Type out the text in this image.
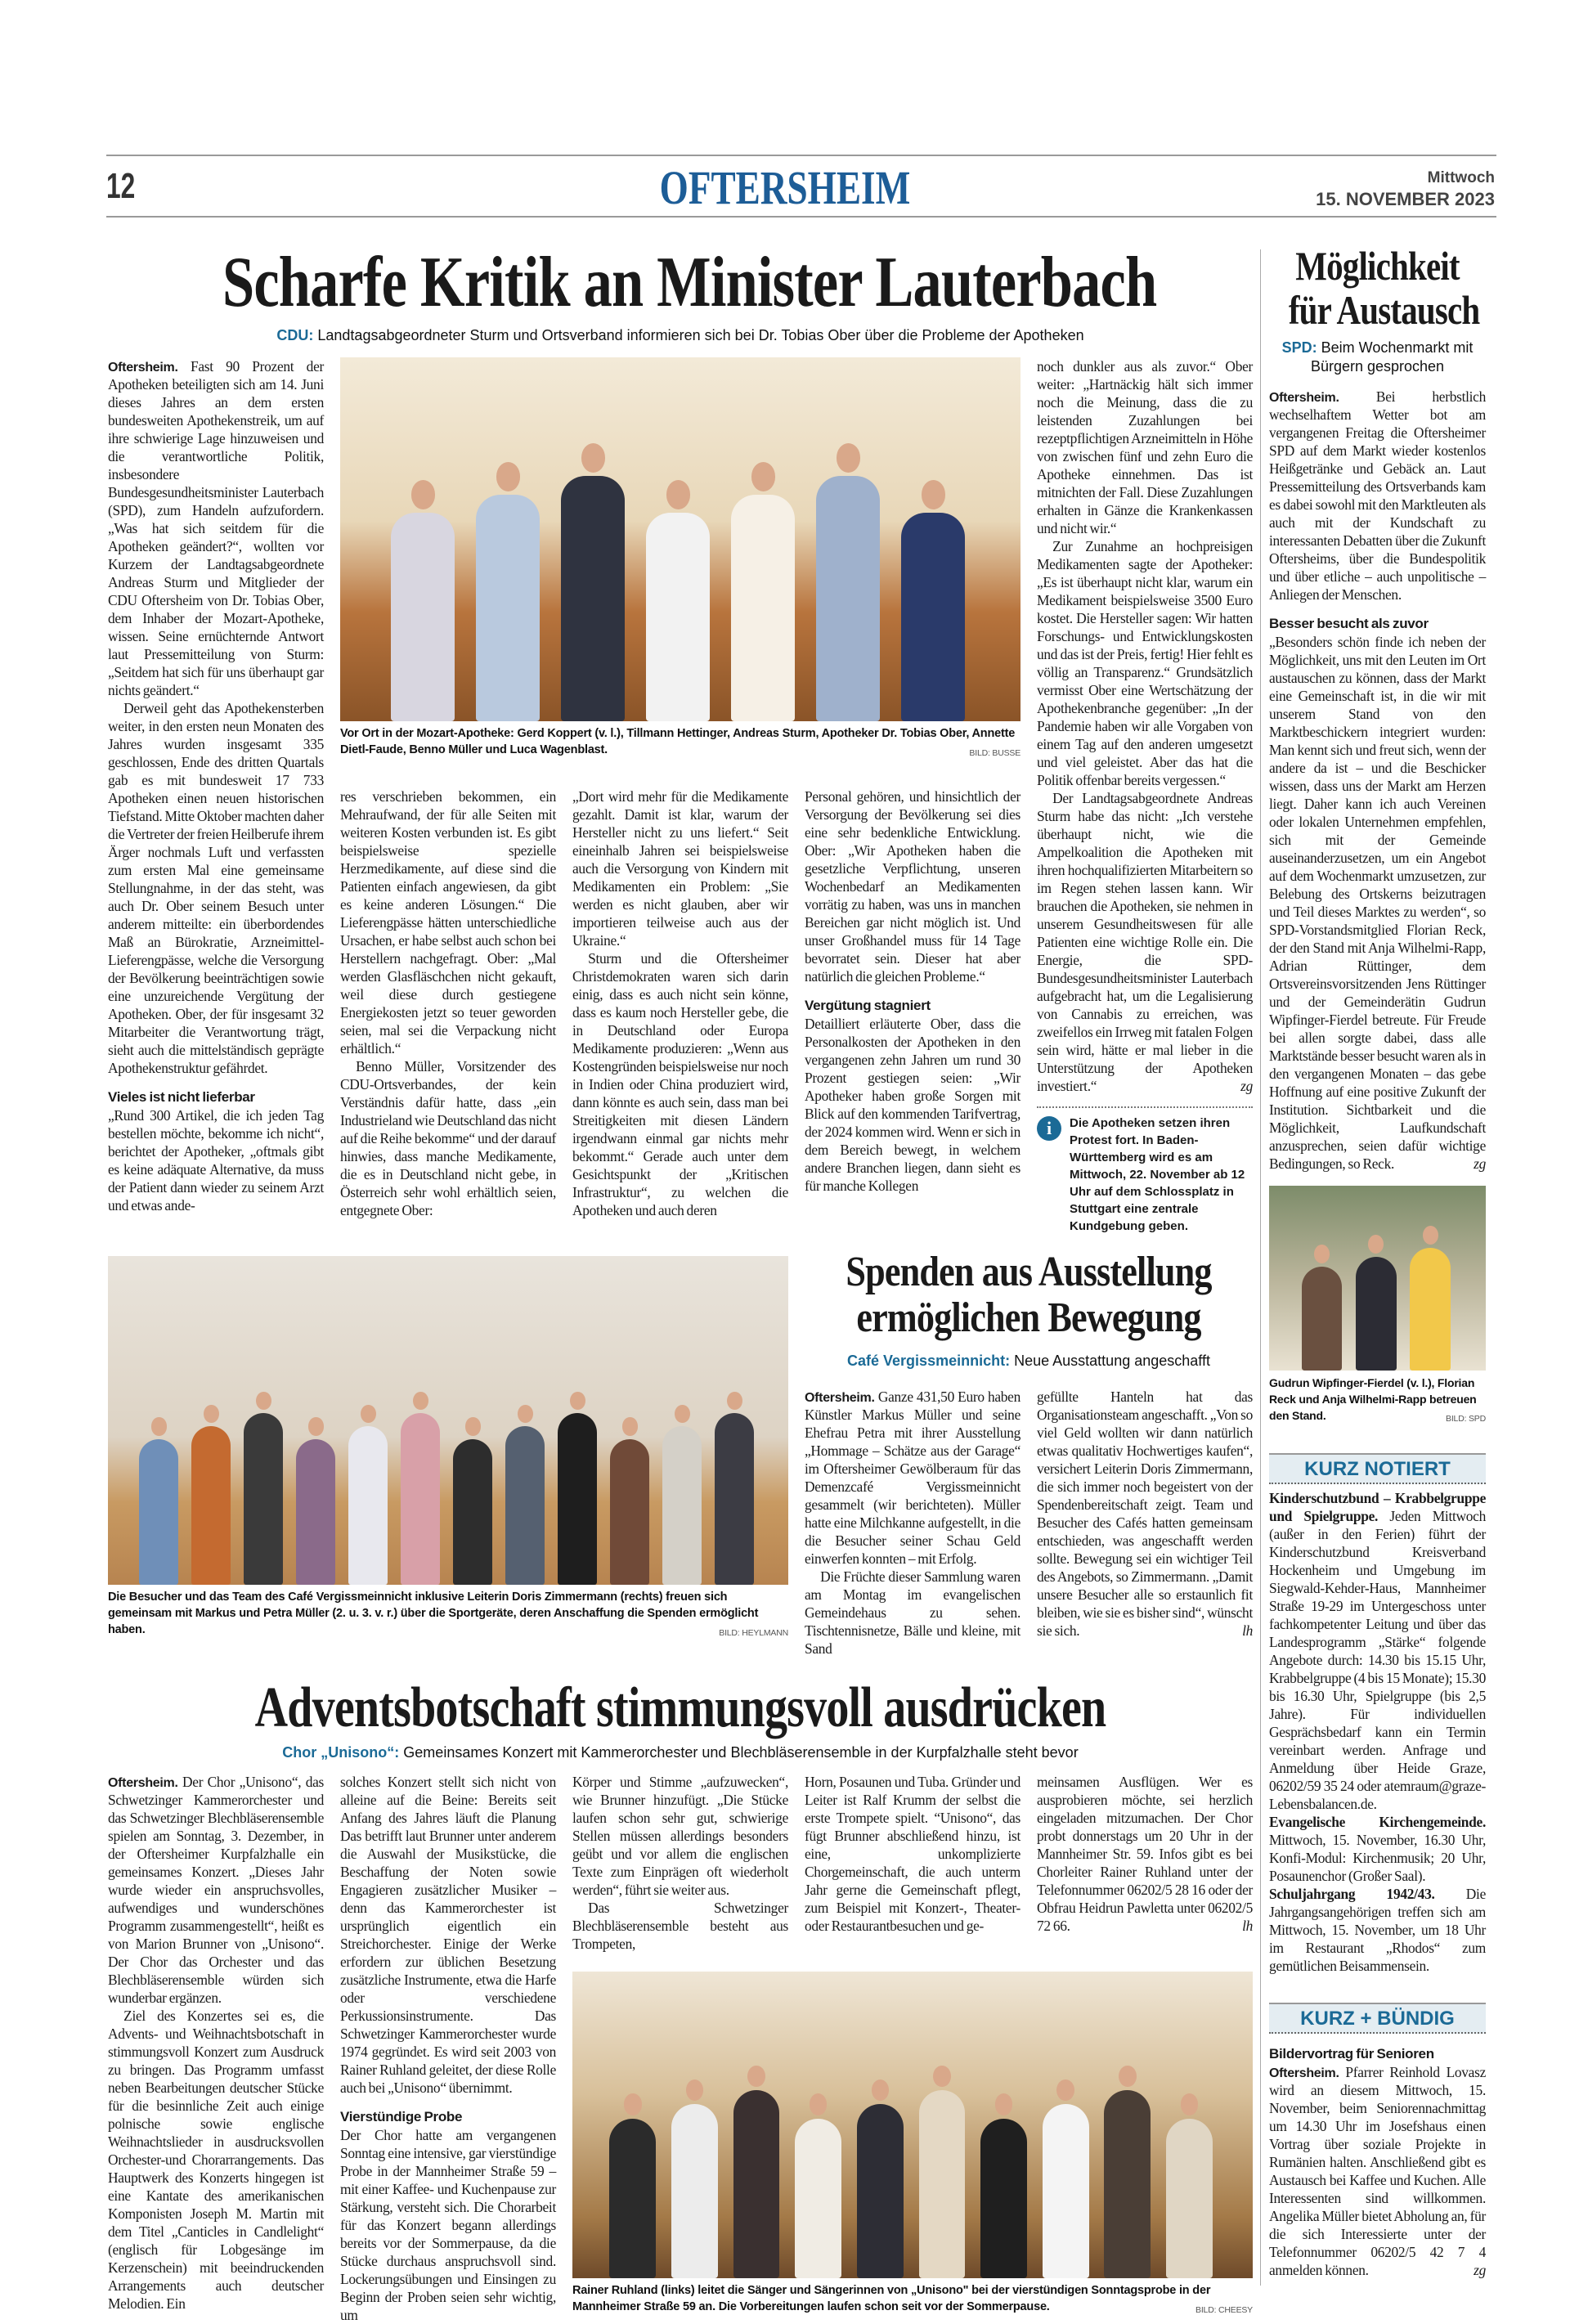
12	OFTERSHEIM	Mittwoch
15. NOVEMBER 2023
Scharfe Kritik an Minister Lauterbach
CDU: Landtagsabgeordneter Sturm und Ortsverband informieren sich bei Dr. Tobias Ober über die Probleme der Apotheken

Oftersheim. Fast 90 Prozent der Apotheken beteiligten sich am 14. Juni dieses Jahres an dem ersten bundesweiten Apothekenstreik, um auf ihre schwierige Lage hinzuweisen und die verantwortliche Politik, insbesondere Bundesgesundheitsminister Lauterbach (SPD), zum Handeln aufzufordern. „Was hat sich seitdem für die Apotheken geändert?“, wollten vor Kurzem der Landtagsabgeordnete Andreas Sturm und Mitglieder der CDU Oftersheim von Dr. Tobias Ober, dem Inhaber der Mozart-Apotheke, wissen. Seine ernüchternde Antwort laut Pressemitteilung von Sturm: „Seitdem hat sich für uns überhaupt gar nichts geändert.“

Derweil geht das Apothekensterben weiter, in den ersten neun Monaten des Jahres wurden insgesamt 335 geschlossen, Ende des dritten Quartals gab es mit bundesweit 17 733 Apotheken einen neuen historischen Tiefstand. Mitte Oktober machten daher die Vertreter der freien Heilberufe ihrem Ärger nochmals Luft und verfassten zum ersten Mal eine gemeinsame Stellungnahme, in der das steht, was auch Dr. Ober seinem Besuch unter anderem mitteilte: ein überbordendes Maß an Bürokratie, Arzneimittel-Lieferengpässe, welche die Versorgung der Bevölkerung beeinträchtigen sowie eine unzureichende Vergütung der Apotheken. Ober, der für insgesamt 32 Mitarbeiter die Verantwortung trägt, sieht auch die mittelständisch geprägte Apothekenstruktur gefährdet.

Vieles ist nicht lieferbar

„Rund 300 Artikel, die ich jeden Tag bestellen möchte, bekomme ich nicht“, berichtet der Apotheker, „oftmals gibt es keine adäquate Alternative, da muss der Patient dann wieder zu seinem Arzt und etwas ande-

Vor Ort in der Mozart-Apotheke: Gerd Koppert (v. l.), Tillmann Hettinger, Andreas Sturm, Apotheker Dr. Tobias Ober, Annette Dietl-Faude, Benno Müller und Luca Wagenblast.	BILD: BUSSE

res verschrieben bekommen, ein Mehraufwand, der für alle Seiten mit weiteren Kosten verbunden ist. Es gibt beispielsweise spezielle Herzmedikamente, auf diese sind die Patienten einfach angewiesen, da gibt es keine anderen Lösungen.“ Die Lieferengpässe hätten unterschiedliche Ursachen, er habe selbst auch schon bei Herstellern nachgefragt. Ober: „Mal werden Glasfläschchen nicht gekauft, weil diese durch gestiegene Energiekosten jetzt so teuer geworden seien, mal sei die Verpackung nicht erhältlich.“

Benno Müller, Vorsitzender des CDU-Ortsverbandes, der kein Verständnis dafür hatte, dass „ein Industrieland wie Deutschland das nicht auf die Reihe bekomme“ und der darauf hinwies, dass manche Medikamente, die es in Deutschland nicht gebe, in Österreich sehr wohl erhältlich seien, entgegnete Ober:

„Dort wird mehr für die Medikamente gezahlt. Damit ist klar, warum der Hersteller nicht zu uns liefert.“ Seit eineinhalb Jahren sei beispielsweise auch die Versorgung von Kindern mit Medikamenten ein Problem: „Sie werden es nicht glauben, aber wir importieren teilweise auch aus der Ukraine.“

Sturm und die Oftersheimer Christdemokraten waren sich darin einig, dass es auch nicht sein könne, dass es kaum noch Hersteller gebe, die in Deutschland oder Europa Medikamente produzieren: „Wenn aus Kostengründen beispielsweise nur noch in Indien oder China produziert wird, dann könnte es auch sein, dass man bei Streitigkeiten mit diesen Ländern irgendwann einmal gar nichts mehr bekommt.“ Gerade auch unter dem Gesichtspunkt der „Kritischen Infrastruktur“, zu welchen die Apotheken und auch deren

Personal gehören, und hinsichtlich der Versorgung der Bevölkerung sei dies eine sehr bedenkliche Entwicklung. Ober: „Wir Apotheken haben die gesetzliche Verpflichtung, unseren Wochenbedarf an Medikamenten vorrätig zu haben, was uns in manchen Bereichen gar nicht möglich ist. Und unser Großhandel muss für 14 Tage bevorratet sein. Dieser hat aber natürlich die gleichen Probleme.“

Vergütung stagniert

Detailliert erläuterte Ober, dass die Personalkosten der Apotheken in den vergangenen zehn Jahren um rund 30 Prozent gestiegen seien: „Wir Apotheker haben große Sorgen mit Blick auf den kommenden Tarifvertrag, der 2024 kommen wird. Wenn er sich in dem Bereich bewegt, in welchem andere Branchen liegen, dann sieht es für manche Kollegen

noch dunkler aus als zuvor.“ Ober weiter: „Hartnäckig hält sich immer noch die Meinung, dass die zu leistenden Zuzahlungen bei rezeptpflichtigen Arzneimitteln in Höhe von zwischen fünf und zehn Euro die Apotheke einnehmen. Das ist mitnichten der Fall. Diese Zuzahlungen erhalten in Gänze die Krankenkassen und nicht wir.“

Zur Zunahme an hochpreisigen Medikamenten sagte der Apotheker: „Es ist überhaupt nicht klar, warum ein Medikament beispielsweise 3500 Euro kostet. Die Hersteller sagen: Wir hatten Forschungs- und Entwicklungskosten und das ist der Preis, fertig! Hier fehlt es völlig an Transparenz.“ Grundsätzlich vermisst Ober eine Wertschätzung der Apothekenbranche gegenüber: „In der Pandemie haben wir alle Vorgaben von einem Tag auf den anderen umgesetzt und viel geleistet. Aber das hat die Politik offenbar bereits vergessen.“

Der Landtagsabgeordnete Andreas Sturm habe das nicht: „Ich verstehe überhaupt nicht, wie die Ampelkoalition die Apotheken mit ihren hochqualifizierten Mitarbeitern so im Regen stehen lassen kann. Wir brauchen die Apotheken, sie nehmen in unserem Gesundheitswesen für alle Patienten eine wichtige Rolle ein. Die Energie, die SPD-Bundesgesundheitsminister Lauterbach aufgebracht hat, um die Legalisierung von Cannabis zu erreichen, was zweifellos ein Irrweg mit fatalen Folgen sein wird, hätte er mal lieber in die Unterstützung der Apotheken investiert.“	zg

i	Die Apotheken setzen ihren Protest fort. In Baden-Württemberg wird es am Mittwoch, 22. November ab 12 Uhr auf dem Schlossplatz in Stuttgart eine zentrale Kundgebung geben.
Die Besucher und das Team des Café Vergissmeinnicht inklusive Leiterin Doris Zimmermann (rechts) freuen sich gemeinsam mit Markus und Petra Müller (2. u. 3. v. r.) über die Sportgeräte, deren Anschaffung die Spenden ermöglicht haben.	BILD: HEYLMANN
Spenden aus Ausstellung
ermöglichen Bewegung
Café Vergissmeinnicht: Neue Ausstattung angeschafft

Oftersheim. Ganze 431,50 Euro haben Künstler Markus Müller und seine Ehefrau Petra mit ihrer Ausstellung „Hommage – Schätze aus der Garage“ im Oftersheimer Gewölberaum für das Demenzcafé Vergissmeinnicht gesammelt (wir berichteten). Müller hatte eine Milchkanne aufgestellt, in die die Besucher seiner Schau Geld einwerfen konnten – mit Erfolg.

Die Früchte dieser Sammlung waren am Montag im evangelischen Gemeindehaus zu sehen. Tischtennisnetze, Bälle und kleine, mit Sand

gefüllte Hanteln hat das Organisationsteam angeschafft. „Von so viel Geld wollten wir dann natürlich etwas qualitativ Hochwertiges kaufen“, versichert Leiterin Doris Zimmermann, die sich immer noch begeistert von der Spendenbereitschaft zeigt. Team und Besucher des Cafés hatten gemeinsam entschieden, was angeschafft werden sollte. Bewegung sei ein wichtiger Teil des Angebots, so Zimmermann. „Damit unsere Besucher alle so erstaunlich fit bleiben, wie sie es bisher sind“, wünscht sie sich.	lh

Adventsbotschaft stimmungsvoll ausdrücken
Chor „Unisono“: Gemeinsames Konzert mit Kammerorchester und Blechbläserensemble in der Kurpfalzhalle steht bevor

Oftersheim. Der Chor „Unisono“, das Schwetzinger Kammerorchester und das Schwetzinger Blechbläserensemble spielen am Sonntag, 3. Dezember, in der Oftersheimer Kurpfalzhalle ein gemeinsames Konzert. „Dieses Jahr wurde wieder ein anspruchsvolles, aufwendiges und wunderschönes Programm zusammengestellt“, heißt es von Marion Brunner von „Unisono“. Der Chor das Orchester und das Blechbläserensemble würden sich wunderbar ergänzen.

Ziel des Konzertes sei es, die Advents- und Weihnachtsbotschaft in stimmungsvoll Konzert zum Ausdruck zu bringen. Das Programm umfasst neben Bearbeitungen deutscher Stücke für die besinnliche Zeit auch einige polnische sowie englische Weihnachtslieder in ausdrucksvollen Orchester-und Chorarrangements. Das Hauptwerk des Konzerts hingegen ist eine Kantate des amerikanischen Komponisten Joseph M. Martin mit dem Titel „Canticles in Candlelight“ (englisch für Lobgesänge im Kerzenschein) mit beeindruckenden Arrangements auch deutscher Melodien. Ein

solches Konzert stellt sich nicht von alleine auf die Beine: Bereits seit Anfang des Jahres läuft die Planung Das betrifft laut Brunner unter anderem die Auswahl der Musikstücke, die Beschaffung der Noten sowie Engagieren zusätzlicher Musiker – denn das Kammerorchester ist ursprünglich eigentlich ein Streichorchester. Einige der Werke erfordern zur üblichen Besetzung zusätzliche Instrumente, etwa die Harfe oder verschiedene Perkussionsinstrumente. Das Schwetzinger Kammerorchester wurde 1974 gegründet. Es wird seit 2003 von Rainer Ruhland geleitet, der diese Rolle auch bei „Unisono“ übernimmt.

Vierstündige Probe

Der Chor hatte am vergangenen Sonntag eine intensive, gar vierstündige Probe in der Mannheimer Straße 59 – mit einer Kaffee- und Kuchenpause zur Stärkung, versteht sich. Die Chorarbeit für das Konzert begann allerdings bereits vor der Sommerpause, da die Stücke durchaus anspruchsvoll sind. Lockerungsübungen und Einsingen zu Beginn der Proben seien sehr wichtig, um

Körper und Stimme „aufzuwecken“, wie Brunner hinzufügt. „Die Stücke laufen schon sehr gut, schwierige Stellen müssen allerdings besonders geübt und vor allem die englischen Texte zum Einprägen oft wiederholt werden“, führt sie weiter aus.

Das Schwetzinger Blechbläserensemble besteht aus Trompeten,

Horn, Posaunen und Tuba. Gründer und Leiter ist Ralf Krumm der selbst die erste Trompete spielt. “Unisono“, das fügt Brunner abschließend hinzu, ist eine, unkomplizierte Chorgemeinschaft, die auch unterm Jahr gerne die Gemeinschaft pflegt, zum Beispiel mit Konzert-, Theater- oder Restaurantbesuchen und ge-

meinsamen Ausflügen. Wer es ausprobieren möchte, sei herzlich eingeladen mitzumachen. Der Chor probt donnerstags um 20 Uhr in der Mannheimer Str. 59. Infos gibt es bei Chorleiter Rainer Ruhland unter der Telefonnummer 06202/5 28 16 oder der Obfrau Heidrun Pawletta unter 06202/5 72 66.	lh

Rainer Ruhland (links) leitet die Sänger und Sängerinnen von „Unisono" bei der vierstündigen Sonntagsprobe in der Mannheimer Straße 59 an. Die Vorbereitungen laufen schon seit vor der Sommerpause.	BILD: CHEESY
Möglichkeit
für Austausch
SPD: Beim Wochenmarkt mit Bürgern gesprochen

Oftersheim. Bei herbstlich wechselhaftem Wetter bot am vergangenen Freitag die Oftersheimer SPD auf dem Markt wieder kostenlos Heißgetränke und Gebäck an. Laut Pressemitteilung des Ortsverbands kam es dabei sowohl mit den Marktleuten als auch mit der Kundschaft zu interessanten Debatten über die Zukunft Oftersheims, über die Bundespolitik und über etliche – auch unpolitische – Anliegen der Menschen.

Besser besucht als zuvor

„Besonders schön finde ich neben der Möglichkeit, uns mit den Leuten im Ort austauschen zu können, dass der Markt eine Gemeinschaft ist, in die wir mit unserem Stand von den Marktbeschickern integriert wurden: Man kennt sich und freut sich, wenn der andere da ist – und die Beschicker wissen, dass uns der Markt am Herzen liegt. Daher kann ich auch Vereinen oder lokalen Unternehmen empfehlen, sich mit der Gemeinde auseinanderzusetzen, um ein Angebot auf dem Wochenmarkt umzusetzen, zur Belebung des Ortskerns beizutragen und Teil dieses Marktes zu werden“, so SPD-Vorstandsmitglied Florian Reck, der den Stand mit Anja Wilhelmi-Rapp, Adrian Rüttinger, dem Ortsvereinsvorsitzenden Jens Rüttinger und der Gemeinderätin Gudrun Wipfinger-Fierdel betreute. Für Freude bei allen sorgte dabei, dass alle Marktstände besser besucht waren als in den vergangenen Monaten – das gebe Hoffnung auf eine positive Zukunft der Institution. Sichtbarkeit und die Möglichkeit, Laufkundschaft anzusprechen, seien dafür wichtige Bedingungen, so Reck.	zg

Gudrun Wipfinger-Fierdel (v. l.), Florian Reck und Anja Wilhelmi-Rapp betreuen den Stand.	BILD: SPD
KURZ NOTIERT

Kinderschutzbund – Krabbelgruppe und Spielgruppe. Jeden Mittwoch (außer in den Ferien) führt der Kinderschutzbund Kreisverband Hockenheim und Umgebung im Siegwald-Kehder-Haus, Mannheimer Straße 19-29 im Untergeschoss unter fachkompetenter Leitung und über das Landesprogramm „Stärke“ folgende Angebote durch: 14.30 bis 15.15 Uhr, Krabbelgruppe (4 bis 15 Monate); 15.30 bis 16.30 Uhr, Spielgruppe (bis 2,5 Jahre). Für individuellen Gesprächsbedarf kann ein Termin vereinbart werden. Anfrage und Anmeldung über Heide Graze, 06202/59 35 24 oder atemraum@graze-Lebensbalancen.de.

Evangelische Kirchengemeinde. Mittwoch, 15. November, 16.30 Uhr, Konfi-Modul: Kirchenmusik; 20 Uhr, Posaunenchor (Großer Saal).

Schuljahrgang 1942/43. Die Jahrgangsangehörigen treffen sich am Mittwoch, 15. November, um 18 Uhr im Restaurant „Rhodos“ zum gemütlichen Beisammensein.

KURZ + BÜNDIG
Bildervortrag für Senioren

Oftersheim. Pfarrer Reinhold Lovasz wird an diesem Mittwoch, 15. November, beim Seniorennachmittag um 14.30 Uhr im Josefshaus einen Vortrag über soziale Projekte in Rumänien halten. Anschließend gibt es Austausch bei Kaffee und Kuchen. Alle Interessenten sind willkommen. Angelika Müller bietet Abholung an, für die sich Interessierte unter der Telefonnummer 06202/5 42 7 4 anmelden können.	zg
